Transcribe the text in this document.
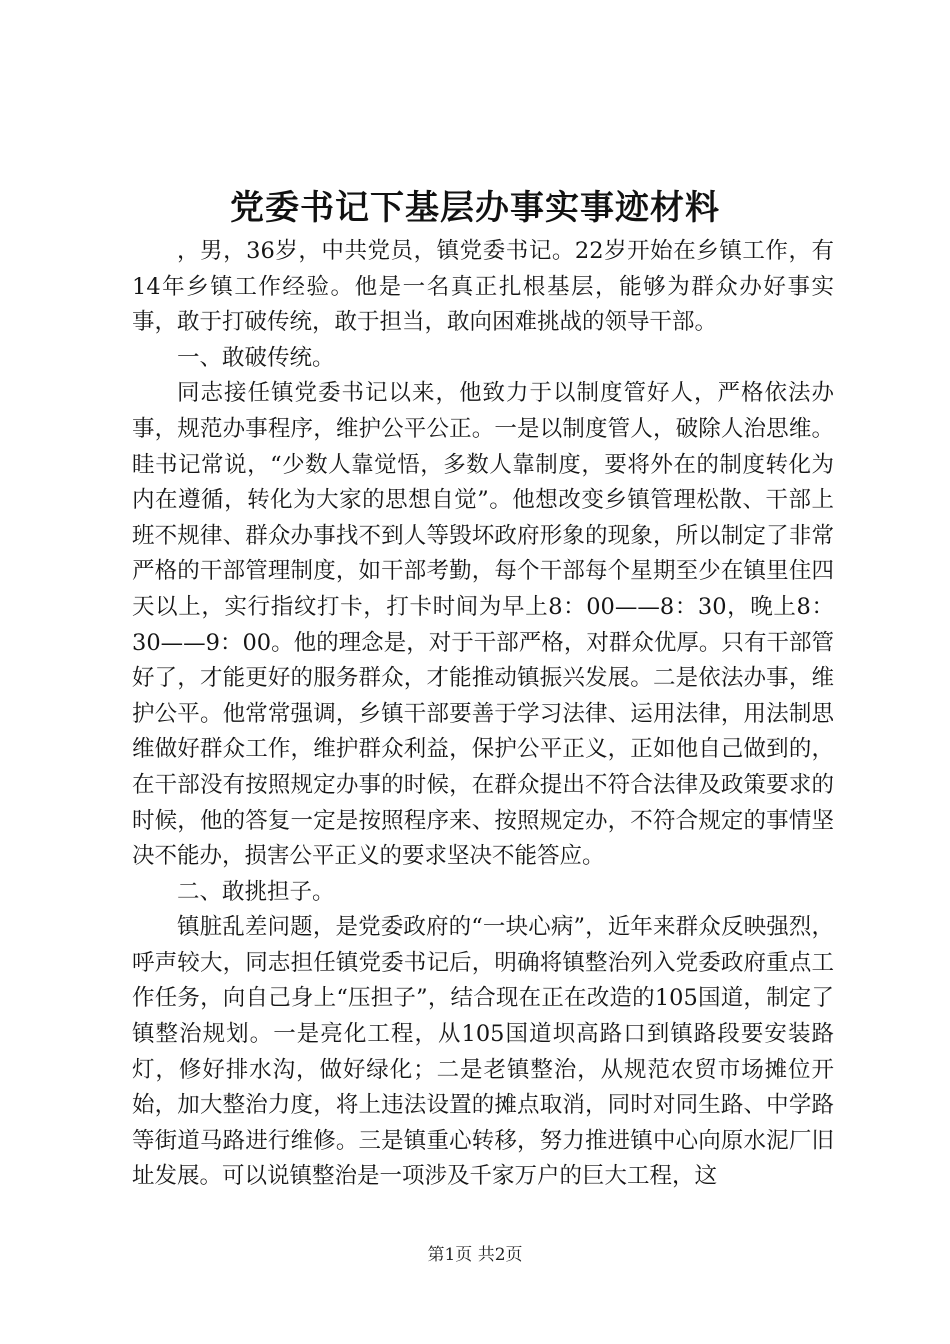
党委书记下基层办事实事迹材料

，男，36岁，中共党员，镇党委书记。22岁开始在乡镇工作，有14年乡镇工作经验。他是一名真正扎根基层，能够为群众办好事实事，敢于打破传统，敢于担当，敢向困难挑战的领导干部。

一、敢破传统。

同志接任镇党委书记以来，他致力于以制度管好人，严格依法办事，规范办事程序，维护公平公正。一是以制度管人，破除人治思维。眭书记常说，“少数人靠觉悟，多数人靠制度，要将外在的制度转化为内在遵循，转化为大家的思想自觉”。他想改变乡镇管理松散、干部上班不规律、群众办事找不到人等毁坏政府形象的现象，所以制定了非常严格的干部管理制度，如干部考勤，每个干部每个星期至少在镇里住四天以上，实行指纹打卡，打卡时间为早上8：00——8：30，晚上8：30——9：00。他的理念是，对于干部严格，对群众优厚。只有干部管好了，才能更好的服务群众，才能推动镇振兴发展。二是依法办事，维护公平。他常常强调，乡镇干部要善于学习法律、运用法律，用法制思维做好群众工作，维护群众利益，保护公平正义，正如他自己做到的，在干部没有按照规定办事的时候，在群众提出不符合法律及政策要求的时候，他的答复一定是按照程序来、按照规定办，不符合规定的事情坚决不能办，损害公平正义的要求坚决不能答应。

二、敢挑担子。

镇脏乱差问题，是党委政府的“一块心病”，近年来群众反映强烈，呼声较大，同志担任镇党委书记后，明确将镇整治列入党委政府重点工作任务，向自己身上“压担子”，结合现在正在改造的105国道，制定了镇整治规划。一是亮化工程，从105国道坝高路口到镇路段要安装路灯，修好排水沟，做好绿化；二是老镇整治，从规范农贸市场摊位开始，加大整治力度，将上违法设置的摊点取消，同时对同生路、中学路等街道马路进行维修。三是镇重心转移，努力推进镇中心向原水泥厂旧址发展。可以说镇整治是一项涉及千家万户的巨大工程，这

第1页 共2页
